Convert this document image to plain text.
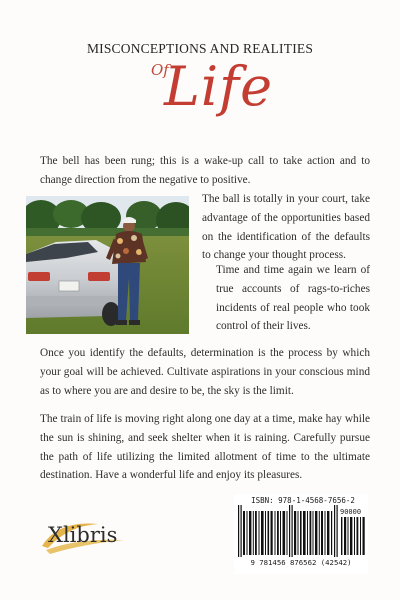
MISCONCEPTIONS AND REALITIES
Of
Life

The bell has been rung; this is a wake-up call to take action and to change direction from the negative to positive.

The ball is totally in your court, take advantage of the opportunities based on the identification of the defaults to change your thought process.

Time and time again we learn of true accounts of rags-to-riches incidents of real people who took control of their lives.

Once you identify the defaults, determination is the process by which your goal will be achieved. Cultivate aspirations in your conscious mind as to where you are and desire to be, the sky is the limit.

The train of life is moving right along one day at a time, make hay while the sun is shining, and seek shelter when it is raining. Carefully pursue the path of life utilizing the limited allotment of time to the ultimate destination. Have a wonderful life and enjoy its pleasures.

Xlibris
ISBN: 978-1-4568-7656-2
90000
9 781456 876562 (42542)
